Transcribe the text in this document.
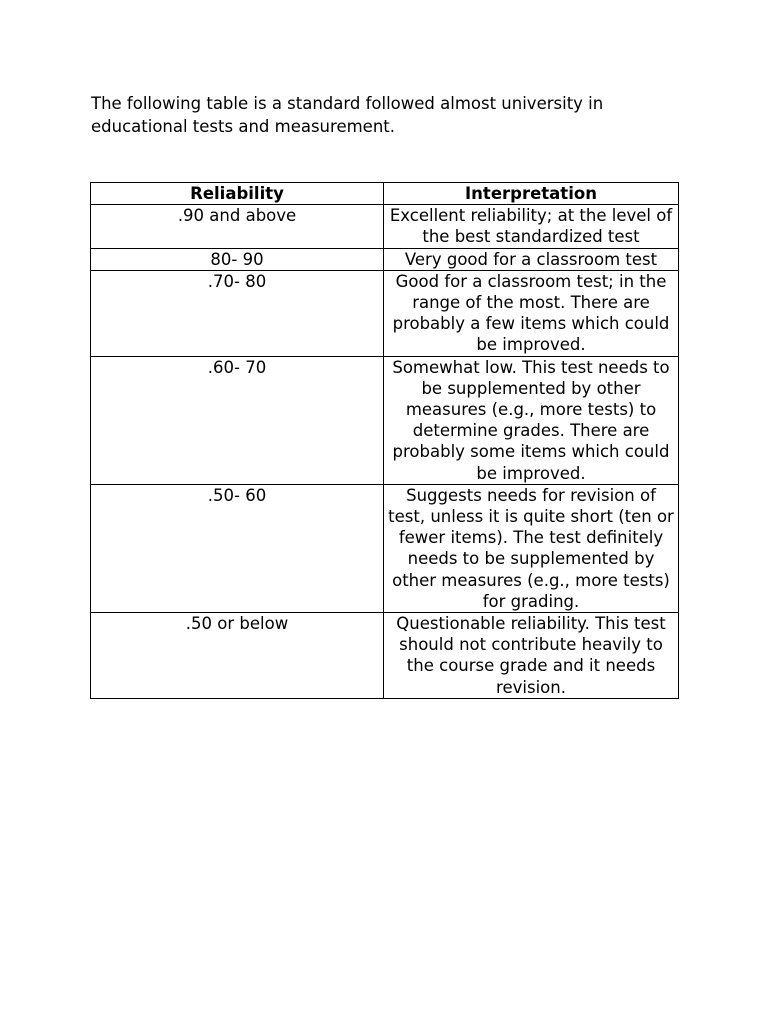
The following table is a standard followed almost university in
educational tests and measurement.

Reliability	Interpretation
.90 and above	Excellent reliability; at the level of the best standardized test
80- 90	Very good for a classroom test
.70- 80	Good for a classroom test; in the range of the most. There are probably a few items which could be improved.
.60- 70	Somewhat low. This test needs to be supplemented by other measures (e.g., more tests) to determine grades. There are probably some items which could be improved.
.50- 60	Suggests needs for revision of test, unless it is quite short (ten or fewer items). The test definitely needs to be supplemented by other measures (e.g., more tests) for grading.
.50 or below	Questionable reliability. This test should not contribute heavily to the course grade and it needs revision.
